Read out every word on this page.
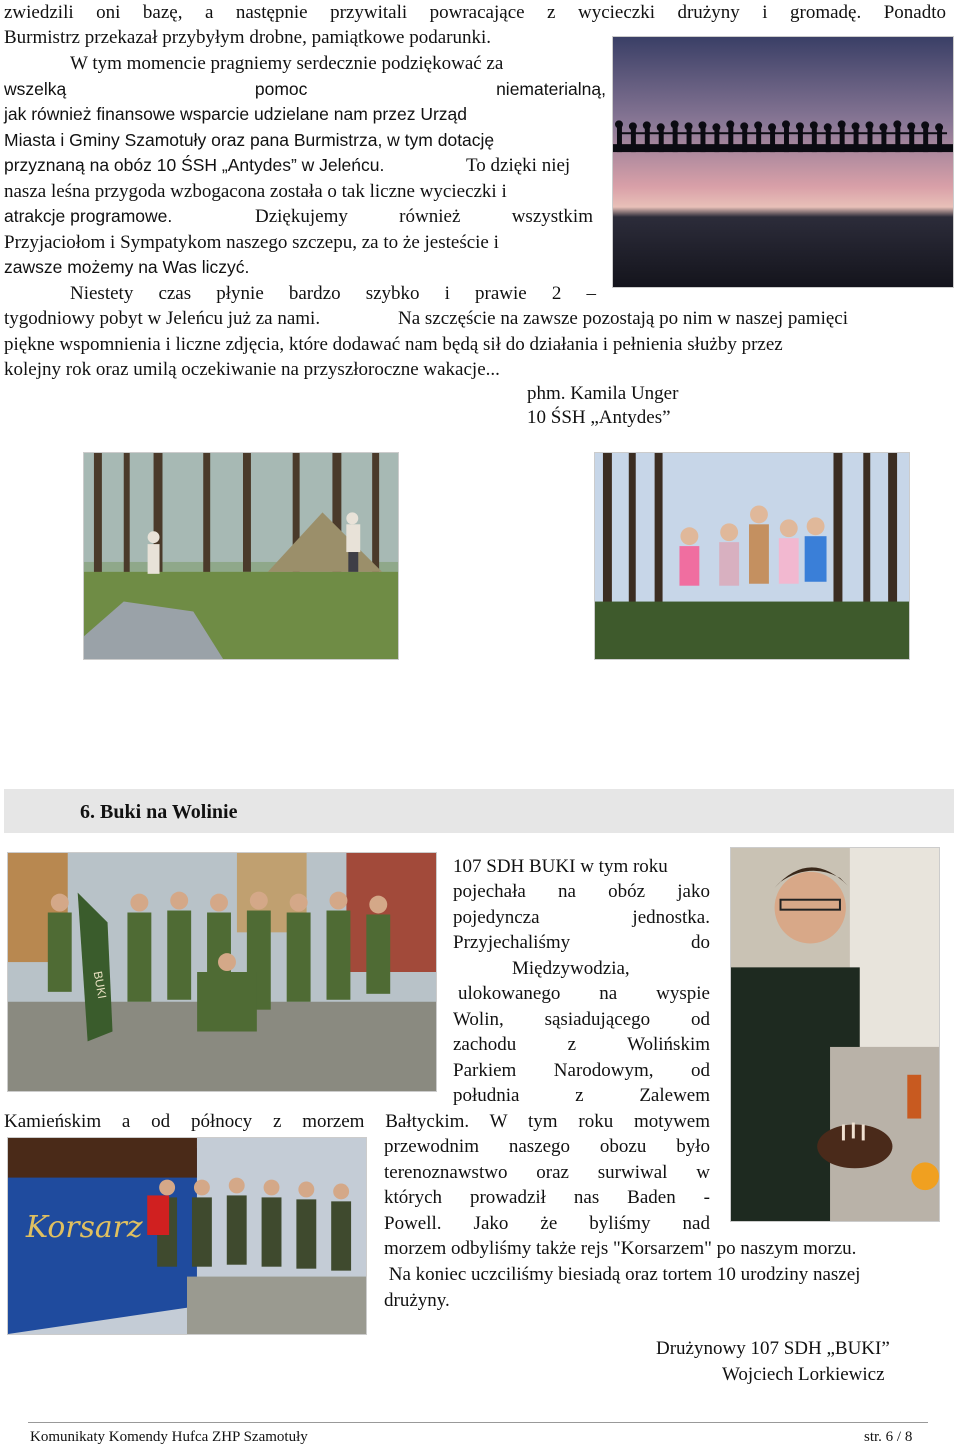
zwiedzili oni bazę, a następnie przywitali powracające z wycieczki drużyny i gromadę. Ponadto
Burmistrz przekazał przybyłym drobne, pamiątkowe podarunki.
W tym momencie pragniemy serdecznie podziękować za
wszelką pomoc niematerialną,
jak również finansowe wsparcie udzielane nam przez Urząd
Miasta i Gminy Szamotuły oraz pana Burmistrza, w tym dotację
przyznaną na obóz 10 ŚSH „Antydes” w Jeleńcu.	To dzięki niej
nasza leśna przygoda wzbogacona została o tak liczne wycieczki i
atrakcje programowe.	Dziękujemy również wszystkim
Przyjaciołom i Sympatykom naszego szczepu, za to że jesteście i
zawsze możemy na Was liczyć.
Niestety czas płynie bardzo szybko i prawie 2 –
tygodniowy pobyt w Jeleńcu już za nami.	Na szczęście na zawsze pozostają po nim w naszej pamięci
piękne wspomnienia i liczne zdjęcia, które dodawać nam będą sił do działania i pełnienia służby przez
kolejny rok oraz umilą oczekiwanie na przyszłoroczne wakacje...
phm. Kamila Unger
10 ŚSH „Antydes”
6. Buki na Wolinie
BUKI
Korsarz
107 SDH BUKI w tym roku
pojechała na obóz jako
pojedyncza jednostka.
Przyjechaliśmy do
Międzywodzia,
ulokowanego na wyspie
Wolin, sąsiadującego od
zachodu z Wolińskim
Parkiem Narodowym, od
południa z Zalewem
Kamieńskim a od północy z morzem Bałtyckim. W tym roku motywem
przewodnim naszego obozu było
terenoznawstwo oraz surwiwal w
których prowadził nas Baden -
Powell. Jako że byliśmy nad
morzem odbyliśmy także rejs "Korsarzem" po naszym morzu.
Na koniec uczciliśmy biesiadą oraz tortem 10 urodziny naszej
drużyny.
Drużynowy 107 SDH „BUKI”
Wojciech Lorkiewicz
Komunikaty Komendy Hufca ZHP Szamotuły	str. 6 / 8
